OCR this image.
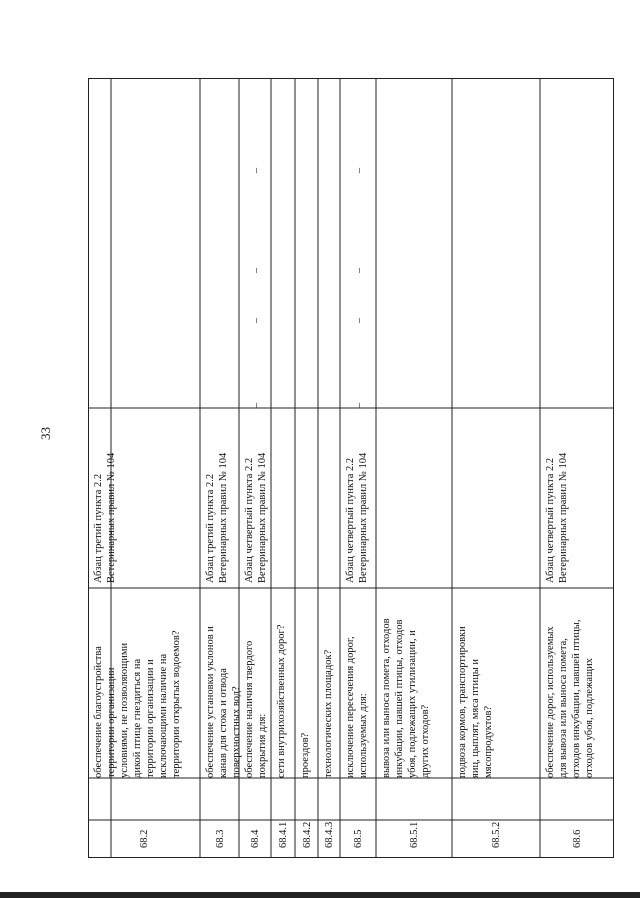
33
68.2
обеспечение благоустройства
территории организации
условиями, не позволяющими
дикой птице гнездиться на
территории организации и
исключающими наличие на
территории открытых водоемов?
Абзац третий пункта 2.2
Ветеринарных правил № 104
68.3
обеспечение установки уклонов и
канав для стока и отвода
поверхностных вод?
Абзац третий пункта 2.2
Ветеринарных правил № 104
68.4
обеспечение наличия твердого
покрытия для:
Абзац четвертый пункта 2.2
Ветеринарных правил № 104
68.4.1
сети внутрихозяйственных дорог?
68.4.2
проездов?
68.4.3
технологических площадок?
68.5
исключение пересечения дорог,
используемых для:
Абзац четвертый пункта 2.2
Ветеринарных правил № 104
68.5.1
вывоза или выноса помета, отходов
инкубации, павшей птицы, отходов
убоя, подлежащих утилизации, и
других отходов?
68.5.2
подвоза кормов, транспортировки
яиц, цыплят, мяса птицы и
мясопродуктов?
68.6
обеспечение дорог, используемых
для вывоза или выноса помета,
отходов инкубации, павшей птицы,
отходов убоя, подлежащих
Абзац четвертый пункта 2.2
Ветеринарных правил № 104
–
–
–
–
–
–
–
–
